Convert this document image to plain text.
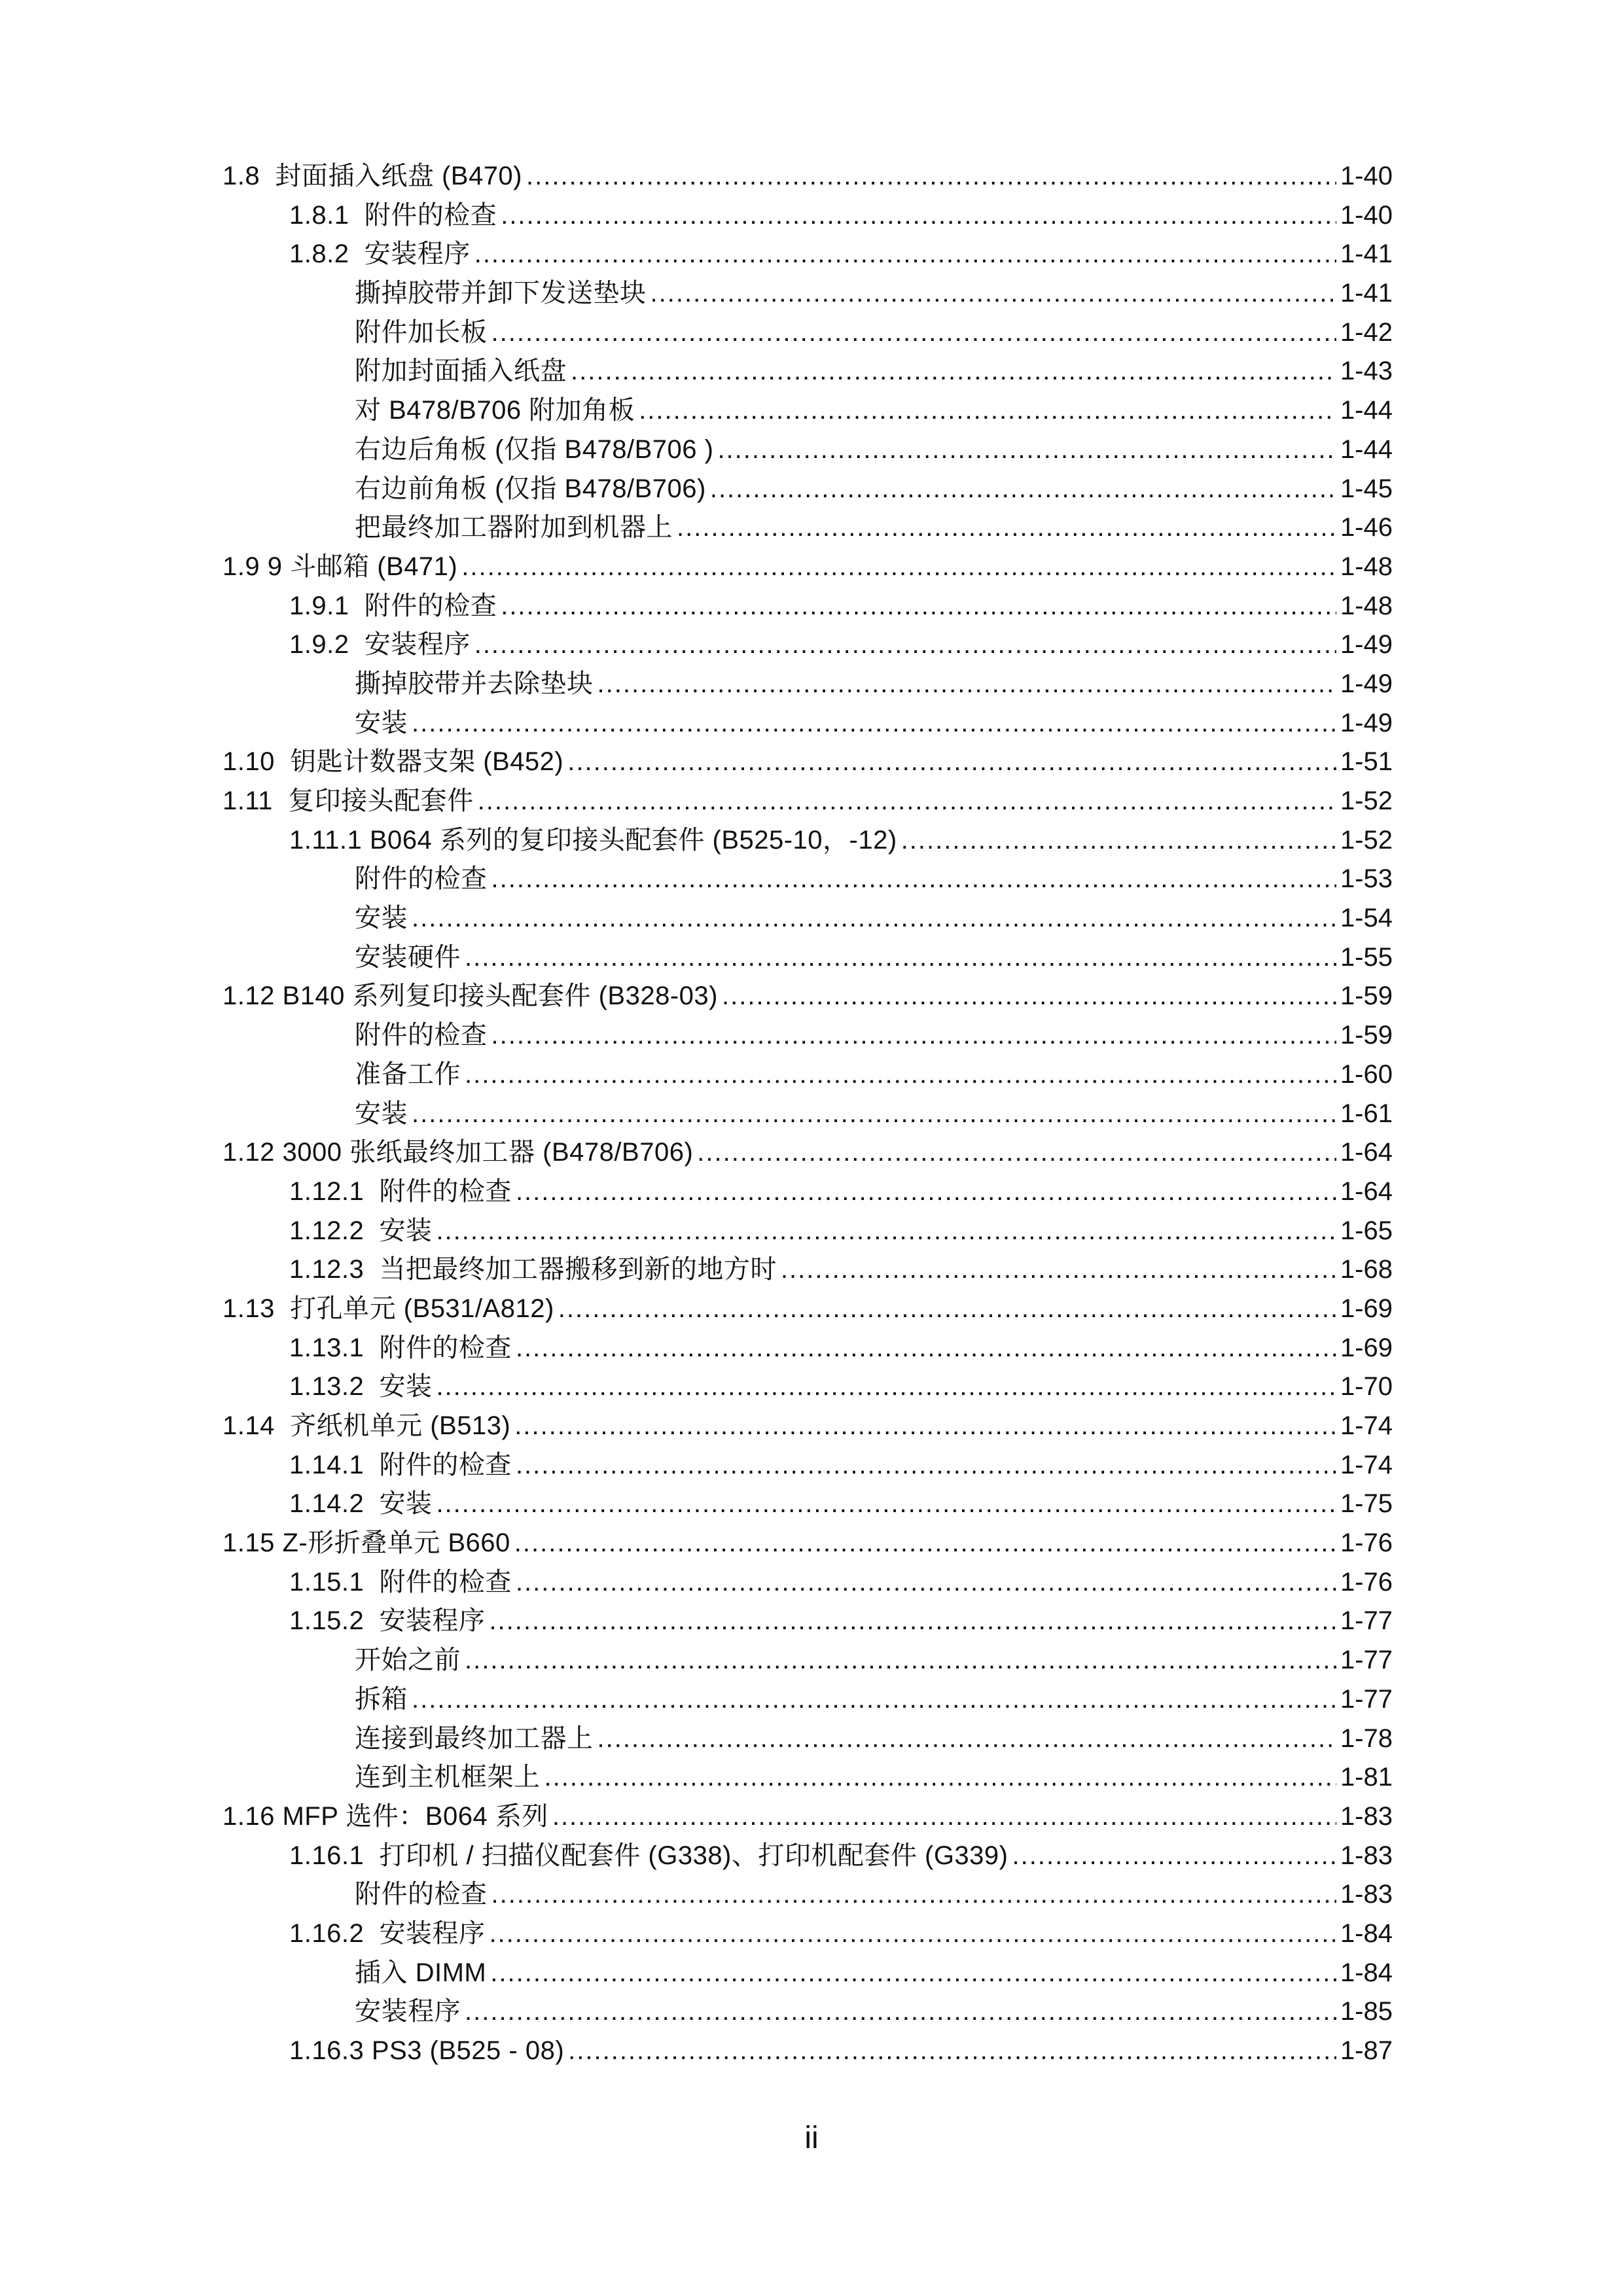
1.8  封面插入纸盘 (B470) .....	1-40
1.8.1  附件的检查 .....	1-40
1.8.2  安装程序 .....	1-41
撕掉胶带并卸下发送垫块 .....	1-41
附件加长板 .....	1-42
附加封面插入纸盘 .....	1-43
对 B478/B706 附加角板 .....	1-44
右边后角板 (仅指 B478/B706 ) .....	1-44
右边前角板 (仅指 B478/B706) .....	1-45
把最终加工器附加到机器上 .....	1-46
1.9 9 斗邮箱 (B471) .....	1-48
1.9.1  附件的检查 .....	1-48
1.9.2  安装程序 .....	1-49
撕掉胶带并去除垫块 .....	1-49
安装 .....	1-49
1.10  钥匙计数器支架 (B452) .....	1-51
1.11  复印接头配套件 .....	1-52
1.11.1 B064 系列的复印接头配套件 (B525-10，-12) .....	1-52
附件的检查 .....	1-53
安装 .....	1-54
安装硬件 .....	1-55
1.12 B140 系列复印接头配套件 (B328-03) .....	1-59
附件的检查 .....	1-59
准备工作 .....	1-60
安装 .....	1-61
1.12 3000 张纸最终加工器 (B478/B706) .....	1-64
1.12.1  附件的检查 .....	1-64
1.12.2  安装 .....	1-65
1.12.3  当把最终加工器搬移到新的地方时 .....	1-68
1.13  打孔单元 (B531/A812) .....	1-69
1.13.1  附件的检查 .....	1-69
1.13.2  安装 .....	1-70
1.14  齐纸机单元 (B513) .....	1-74
1.14.1  附件的检查 .....	1-74
1.14.2  安装 .....	1-75
1.15 Z-形折叠单元 B660 .....	1-76
1.15.1  附件的检查 .....	1-76
1.15.2  安装程序 .....	1-77
开始之前 .....	1-77
拆箱 .....	1-77
连接到最终加工器上 .....	1-78
连到主机框架上 .....	1-81
1.16 MFP 选件：B064 系列 .....	1-83
1.16.1  打印机 / 扫描仪配套件 (G338)、打印机配套件 (G339) .....	1-83
附件的检查 .....	1-83
1.16.2  安装程序 .....	1-84
插入 DIMM .....	1-84
安装程序 .....	1-85
1.16.3 PS3 (B525 - 08) .....	1-87
ii
